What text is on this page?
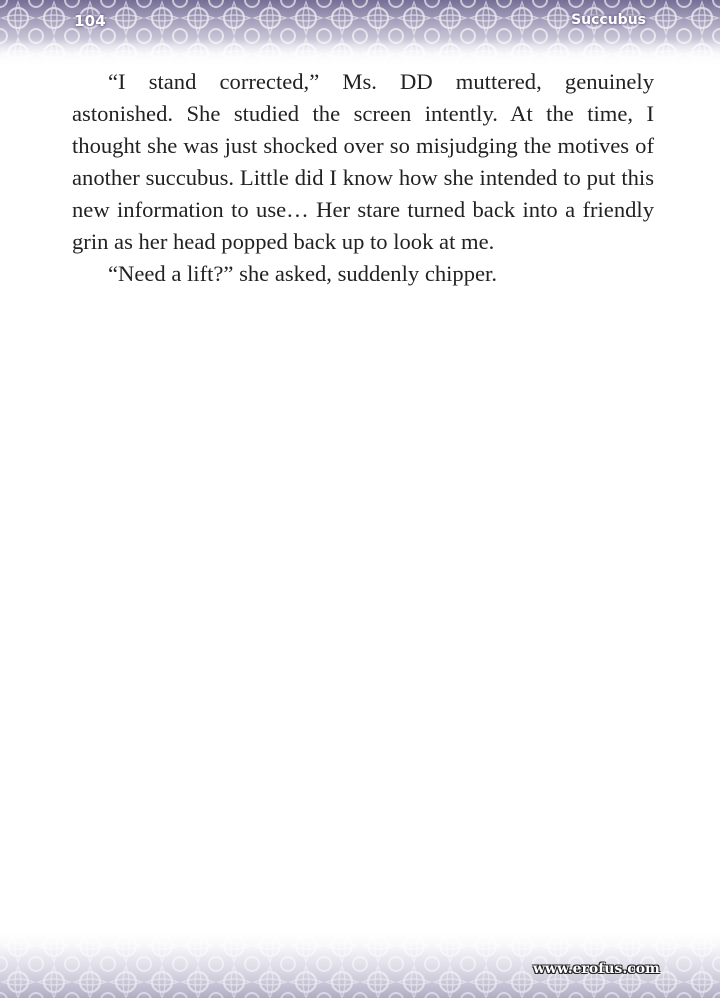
104	Succubus

“I stand corrected,” Ms. DD muttered, genuinely astonished. She studied the screen intently. At the time, I thought she was just shocked over so misjudging the motives of another succubus. Little did I know how she intended to put this new information to use… Her stare turned back into a friendly grin as her head popped back up to look at me.

“Need a lift?” she asked, suddenly chipper.

www.erofus.com
